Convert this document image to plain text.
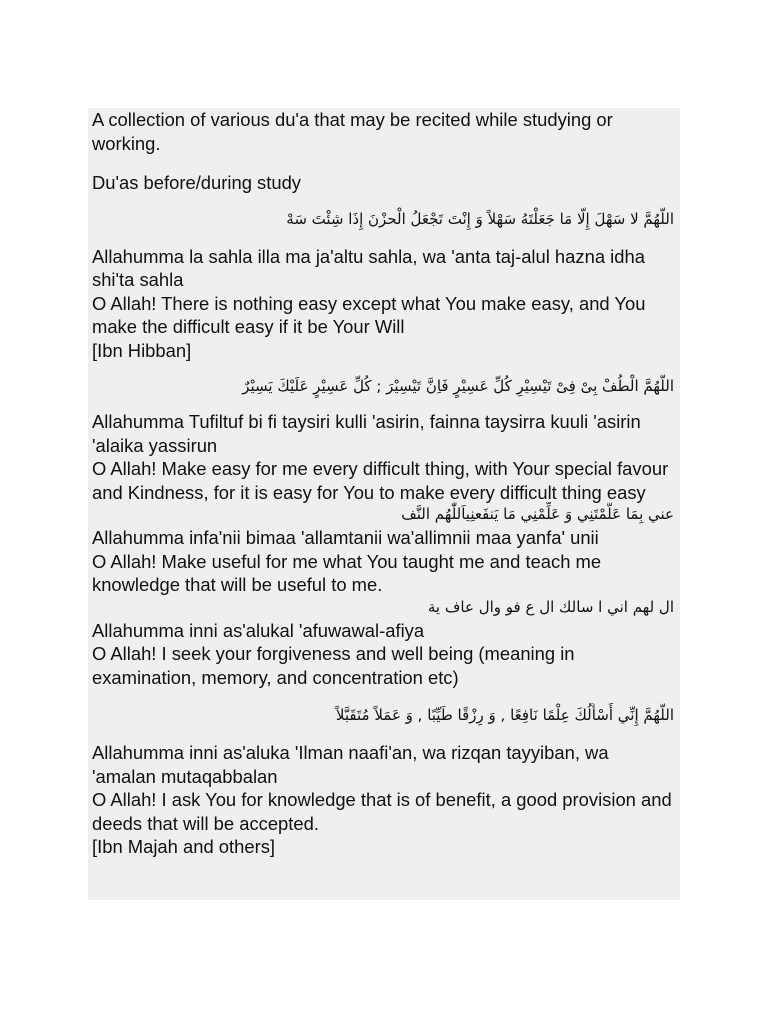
A collection of various du'a that may be recited while studying or working.
Du'as before/during study
اللَّهُمَّ لا سَهْلَ إِلَّا مَا جَعَلْتَهُ سَهْلاً وَ إِنْتَ تَجْعَلُ الْحزْنَ إِذَا شِئْتَ سَهْ
Allahumma la sahla illa ma ja'altu sahla, wa 'anta taj-alul hazna idha shi'ta sahla
O Allah! There is nothing easy except what You make easy, and You make the difficult easy if it be Your Will
[Ibn Hibban]
اللَّهُمَّ الْطُفْ بِىْ فِىْ تَيْسِيْرِ كُلِّ عَسِيْرٍ فَاِنَّ تَيْسِيْرَ ; كُلِّ عَسِيْرٍ عَلَيْكَ يَسِيْرٌ
Allahumma Tufiltuf bi fi taysiri kulli 'asirin, fainna taysirra kuuli 'asirin 'alaika yassirun
O Allah! Make easy for me every difficult thing, with Your special favour and Kindness, for it is easy for You to make every difficult thing easy
عني بِمَا عَلَّمْتَنِي وَ عَلِّمْنِي مَا يَنفَعنِياَللّٰهُم النَّف
Allahumma infa'nii bimaa 'allamtanii wa'allimnii maa yanfa' unii
O Allah! Make useful for me what You taught me and teach me knowledge that will be useful to me.
ال لهم اني ا سالك ال ع فو وال عاف ية
Allahumma inni as'alukal 'afuwawal-afiya
O Allah! I seek your forgiveness and well being (meaning in examination, memory, and concentration etc)
اللَّهُمَّ إِنِّي أَسْأَلُكَ عِلْمًا نَافِعًا , وَ رِزْقًا طَيِّبًا , وَ عَمَلاً مُتَقَبَّلاً
Allahumma inni as'aluka 'Ilman naafi'an, wa rizqan tayyiban, wa 'amalan mutaqabbalan
O Allah! I ask You for knowledge that is of benefit, a good provision and deeds that will be accepted.
[Ibn Majah and others]
